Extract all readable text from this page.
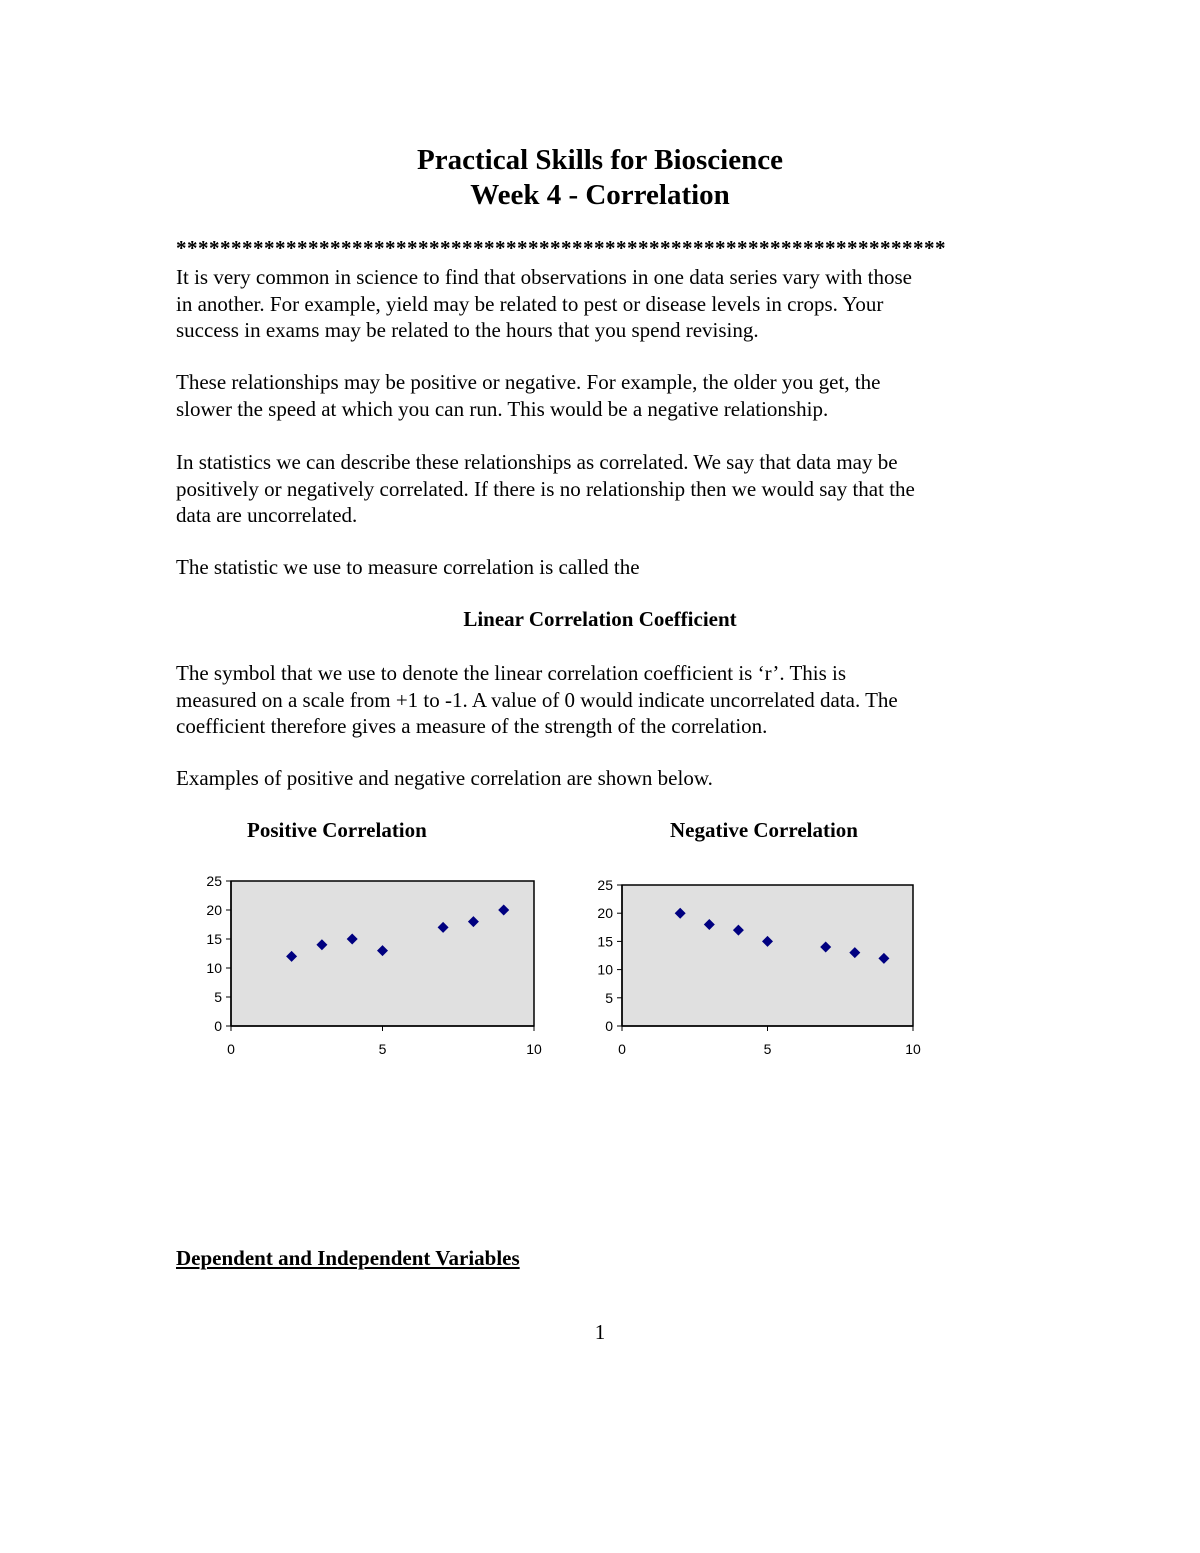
Practical Skills for Bioscience
Week 4 - Correlation
**********************************************************************
It is very common in science to find that observations in one data series vary with those
in another. For example, yield may be related to pest or disease levels in crops. Your
success in exams may be related to the hours that you spend revising.
These relationships may be positive or negative. For example, the older you get, the
slower the speed at which you can run. This would be a negative relationship.
In statistics we can describe these relationships as correlated. We say that data may be
positively or negatively correlated. If there is no relationship then we would say that the
data are uncorrelated.
The statistic we use to measure correlation is called the
Linear Correlation Coefficient
The symbol that we use to denote the linear correlation coefficient is ‘r’. This is
measured on a scale from +1 to -1. A value of 0 would indicate uncorrelated data. The
coefficient therefore gives a measure of the strength of the correlation.
Examples of positive and negative correlation are shown below.
Positive Correlation	Negative Correlation
0
5
10
15
20
25
0	5	10
0
5
10
15
20
25
0	5	10
Dependent and Independent Variables
1
